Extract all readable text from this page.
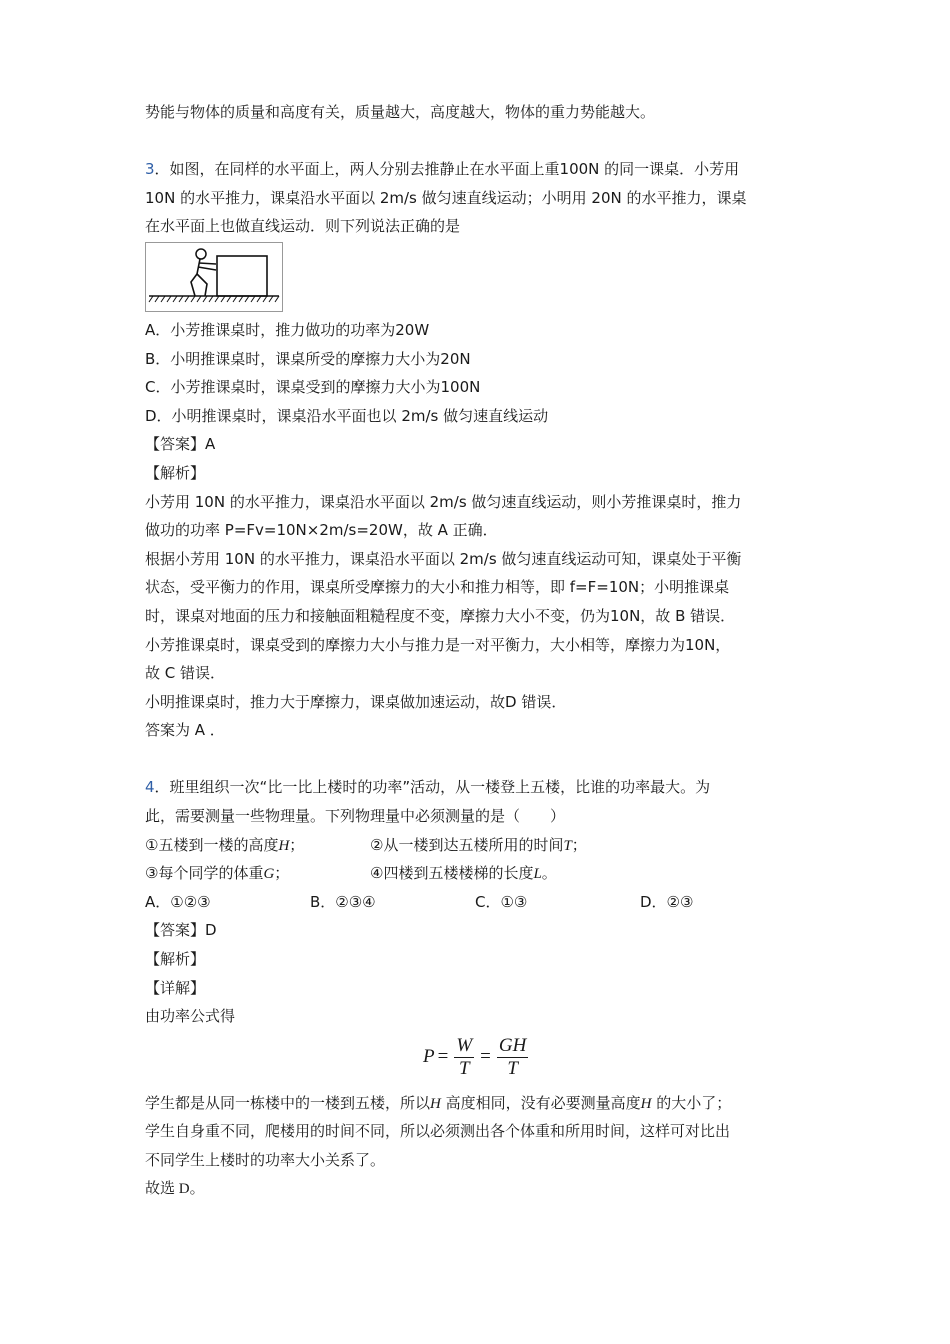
势能与物体的质量和高度有关，质量越大，高度越大，物体的重力势能越大。
3．如图，在同样的水平面上，两人分别去推静止在水平面上重100N 的同一课桌．小芳用
10N 的水平推力，课桌沿水平面以 2m/s 做匀速直线运动；小明用 20N 的水平推力，课桌
在水平面上也做直线运动．则下列说法正确的是
A．小芳推课桌时，推力做功的功率为20W
B．小明推课桌时，课桌所受的摩擦力大小为20N
C．小芳推课桌时，课桌受到的摩擦力大小为100N
D．小明推课桌时，课桌沿水平面也以 2m/s 做匀速直线运动
【答案】A
【解析】
小芳用 10N 的水平推力，课桌沿水平面以 2m/s 做匀速直线运动，则小芳推课桌时，推力
做功的功率 P=Fv=10N×2m/s=20W，故 A 正确．
根据小芳用 10N 的水平推力，课桌沿水平面以 2m/s 做匀速直线运动可知，课桌处于平衡
状态，受平衡力的作用，课桌所受摩擦力的大小和推力相等，即 f=F=10N；小明推课桌
时，课桌对地面的压力和接触面粗糙程度不变，摩擦力大小不变，仍为10N，故 B 错误．
小芳推课桌时，课桌受到的摩擦力大小与推力是一对平衡力，大小相等，摩擦力为10N，
故 C 错误．
小明推课桌时，推力大于摩擦力，课桌做加速运动，故D 错误．
答案为 A ．
4．班里组织一次“比一比上楼时的功率”活动，从一楼登上五楼，比谁的功率最大。为
此，需要测量一些物理量。下列物理量中必须测量的是（　　）
①五楼到一楼的高度H；	②从一楼到达五楼所用的时间T；
③每个同学的体重G；	④四楼到五楼楼梯的长度L。
A．①②③	B．②③④	C．①③	D．②③
【答案】D
【解析】
【详解】
由功率公式得
$P = \frac{W}{T} = \frac{GH}{T}$
学生都是从同一栋楼中的一楼到五楼，所以H 高度相同，没有必要测量高度H 的大小了；
学生自身重不同，爬楼用的时间不同，所以必须测出各个体重和所用时间，这样可对比出
不同学生上楼时的功率大小关系了。
故选 D。
